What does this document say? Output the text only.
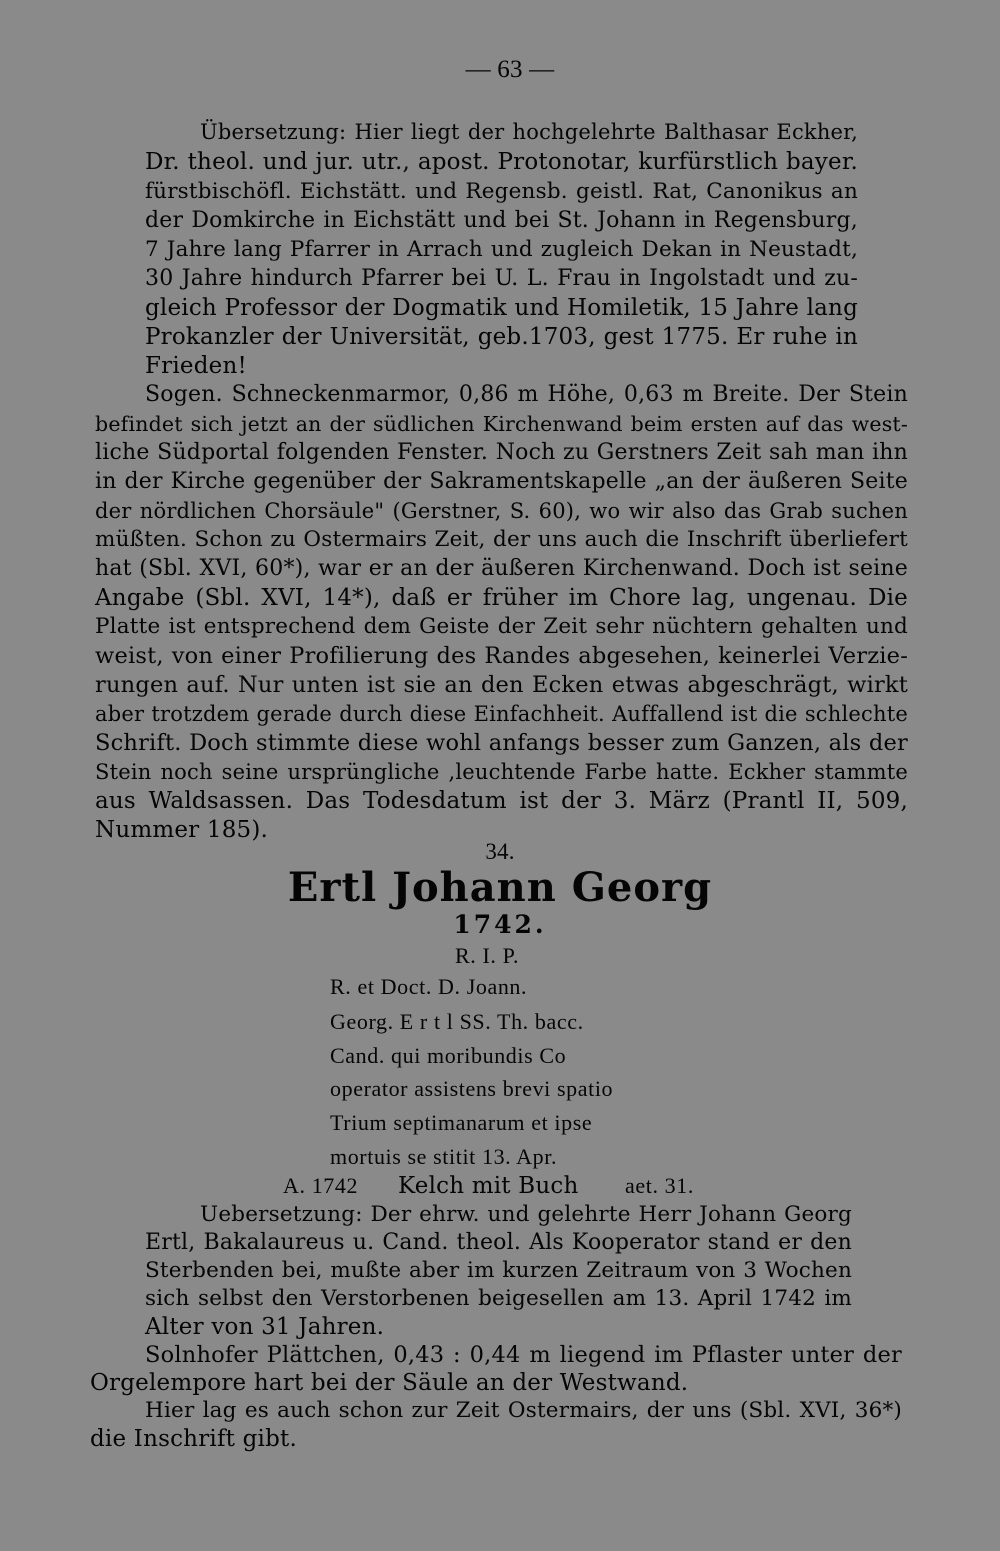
— 63 —
Übersetzung: Hier liegt der hochgelehrte Balthasar Eckher,
Dr. theol. und jur. utr., apost. Protonotar, kurfürstlich bayer.
fürstbischöfl. Eichstätt. und Regensb. geistl. Rat, Canonikus an
der Domkirche in Eichstätt und bei St. Johann in Regensburg,
7 Jahre lang Pfarrer in Arrach und zugleich Dekan in Neustadt,
30 Jahre hindurch Pfarrer bei U. L. Frau in Ingolstadt und zu-
gleich Professor der Dogmatik und Homiletik, 15 Jahre lang
Prokanzler der Universität, geb.1703, gest 1775. Er ruhe in
Frieden!
Sogen. Schneckenmarmor, 0,86 m Höhe, 0,63 m Breite. Der Stein
befindet sich jetzt an der südlichen Kirchenwand beim ersten auf das west-
liche Südportal folgenden Fenster. Noch zu Gerstners Zeit sah man ihn
in der Kirche gegenüber der Sakramentskapelle „an der äußeren Seite
der nördlichen Chorsäule" (Gerstner, S. 60), wo wir also das Grab suchen
müßten. Schon zu Ostermairs Zeit, der uns auch die Inschrift überliefert
hat (Sbl. XVI, 60*), war er an der äußeren Kirchenwand. Doch ist seine
Angabe (Sbl. XVI, 14*), daß er früher im Chore lag, ungenau. Die
Platte ist entsprechend dem Geiste der Zeit sehr nüchtern gehalten und
weist, von einer Profilierung des Randes abgesehen, keinerlei Verzie-
rungen auf. Nur unten ist sie an den Ecken etwas abgeschrägt, wirkt
aber trotzdem gerade durch diese Einfachheit. Auffallend ist die schlechte
Schrift. Doch stimmte diese wohl anfangs besser zum Ganzen, als der
Stein noch seine ursprüngliche ,leuchtende Farbe hatte. Eckher stammte
aus Waldsassen. Das Todesdatum ist der 3. März (Prantl II, 509,
Nummer 185).
34.
Ertl Johann Georg
1742.
R. I. P.
R. et Doct. D. Joann.
Georg. E r t l SS. Th. bacc.
Cand. qui moribundis Co
operator assistens brevi spatio
Trium septimanarum et ipse
mortuis se stitit 13. Apr.
A. 1742 Kelch mit Buch aet. 31.
Uebersetzung: Der ehrw. und gelehrte Herr Johann Georg
Ertl, Bakalaureus u. Cand. theol. Als Kooperator stand er den
Sterbenden bei, mußte aber im kurzen Zeitraum von 3 Wochen
sich selbst den Verstorbenen beigesellen am 13. April 1742 im
Alter von 31 Jahren.
Solnhofer Plättchen, 0,43 : 0,44 m liegend im Pflaster unter der
Orgelempore hart bei der Säule an der Westwand.
Hier lag es auch schon zur Zeit Ostermairs, der uns (Sbl. XVI, 36*)
die Inschrift gibt.
